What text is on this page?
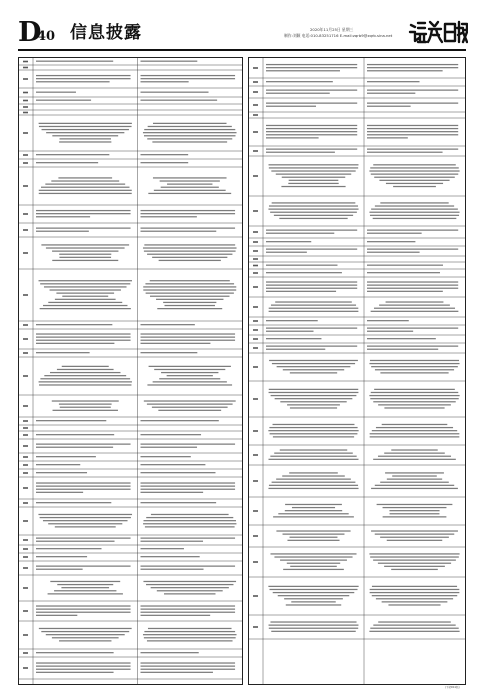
D
40 信息披露	2020年11月25日 星期三
制作:刘颖 电话:010-83251716 E-mail:zqrb9@zqrb.sina.net
(下转D41版)
